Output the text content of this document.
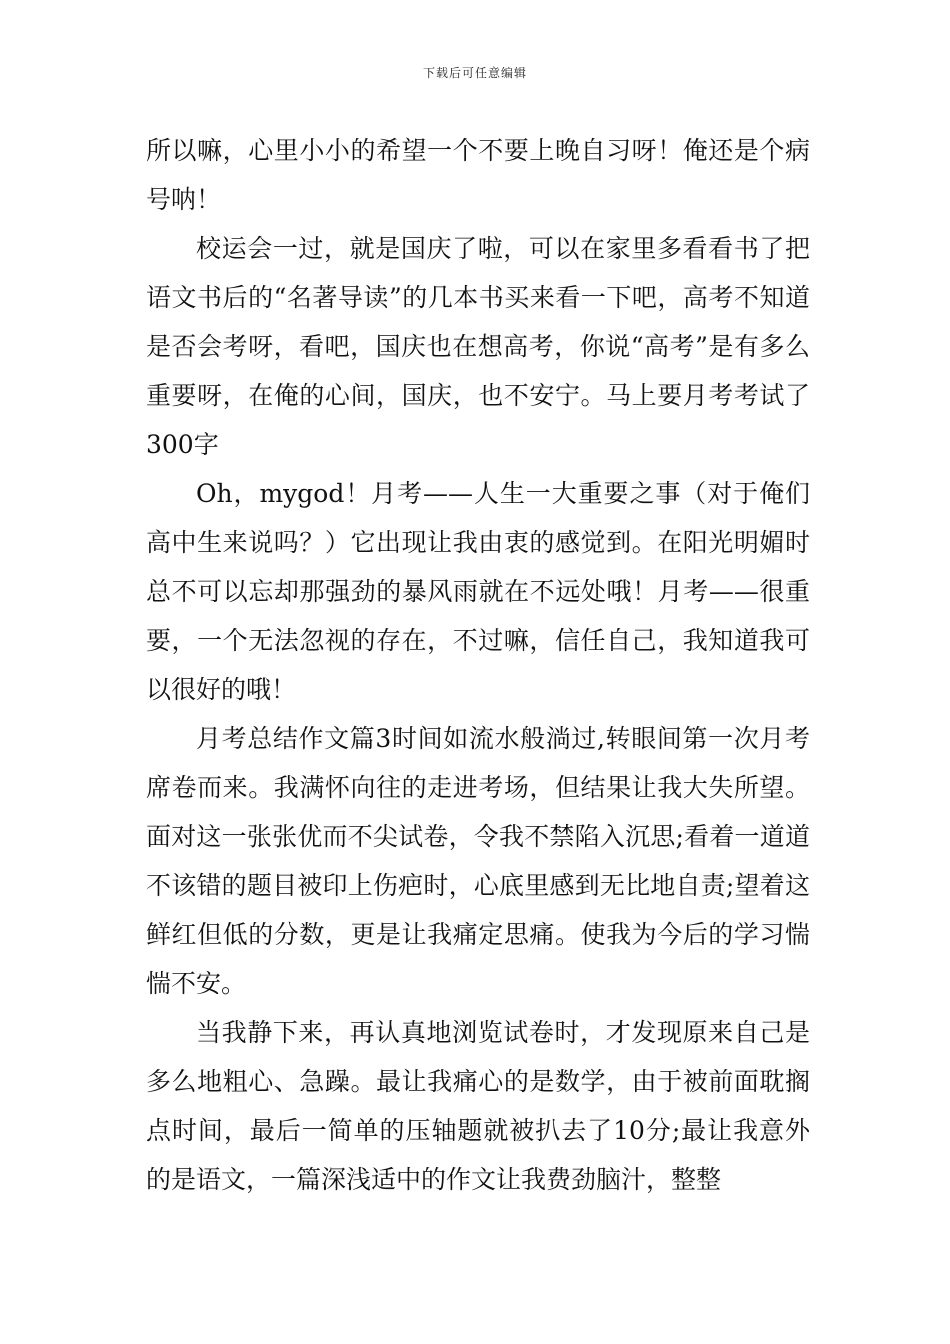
下载后可任意编辑

所以嘛，心里小小的希望一个不要上晚自习呀！俺还是个病号呐！

校运会一过，就是国庆了啦，可以在家里多看看书了把语文书后的“名著导读”的几本书买来看一下吧，高考不知道是否会考呀，看吧，国庆也在想高考，你说“高考”是有多么重要呀，在俺的心间，国庆，也不安宁。马上要月考考试了300字

Oh，mygod！月考——人生一大重要之事（对于俺们高中生来说吗？）它出现让我由衷的感觉到。在阳光明媚时总不可以忘却那强劲的暴风雨就在不远处哦！月考——很重要，一个无法忽视的存在，不过嘛，信任自己，我知道我可以很好的哦！

月考总结作文篇3时间如流水般淌过,转眼间第一次月考席卷而来。我满怀向往的走进考场，但结果让我大失所望。面对这一张张优而不尖试卷，令我不禁陷入沉思;看着一道道不该错的题目被印上伤疤时，心底里感到无比地自责;望着这鲜红但低的分数，更是让我痛定思痛。使我为今后的学习惴惴不安。

当我静下来，再认真地浏览试卷时，才发现原来自己是多么地粗心、急躁。最让我痛心的是数学，由于被前面耽搁点时间，最后一简单的压轴题就被扒去了10分;最让我意外的是语文，一篇深浅适中的作文让我费劲脑汁，整整
